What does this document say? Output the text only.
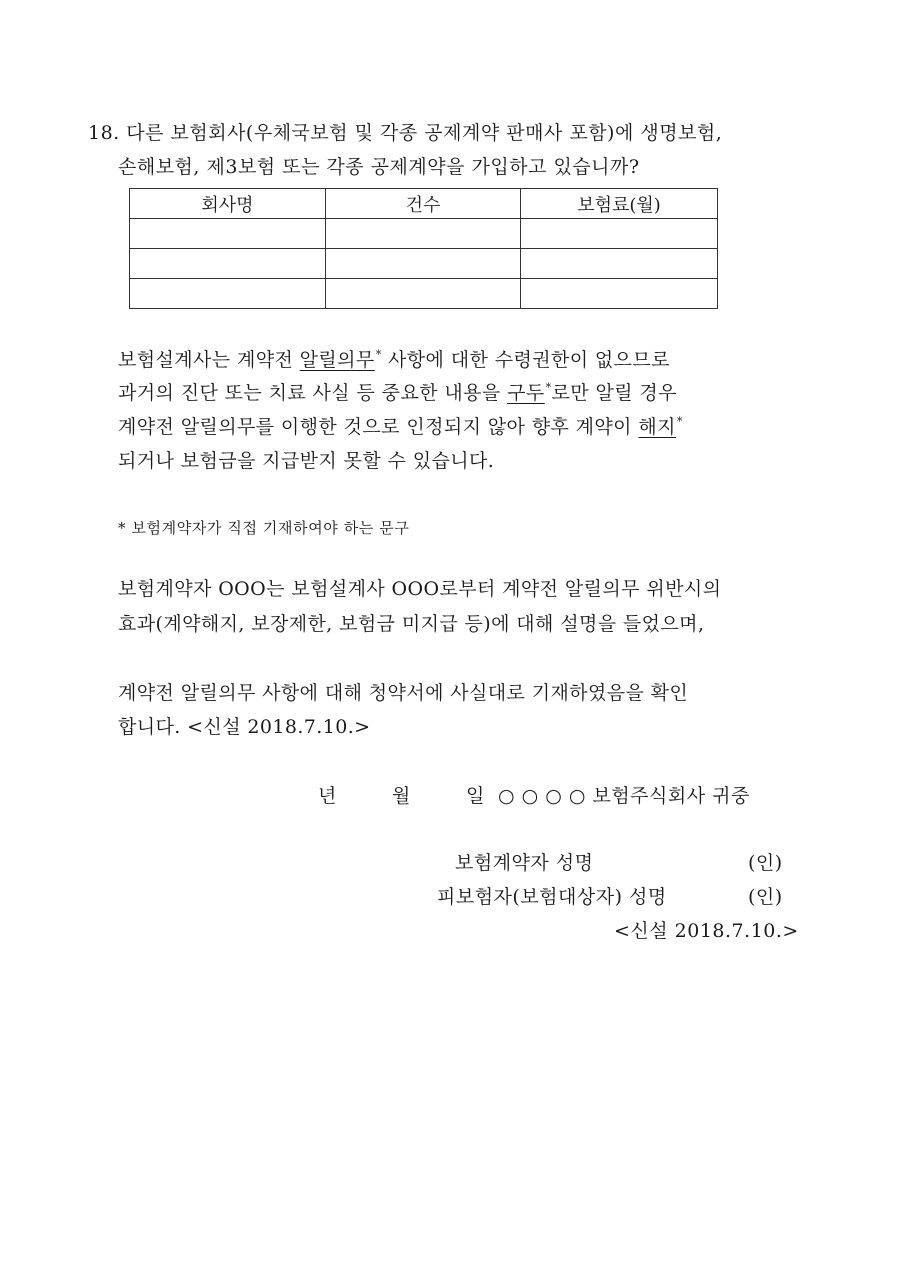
18. 다른 보험회사(우체국보험 및 각종 공제계약 판매사 포함)에 생명보험,
손해보험, 제3보험 또는 각종 공제계약을 가입하고 있습니까?
회사명	건수	보험료(월)

보험설계사는 계약전 알릴의무* 사항에 대한 수령권한이 없으므로
과거의 진단 또는 치료 사실 등 중요한 내용을 구두*로만 알릴 경우
계약전 알릴의무를 이행한 것으로 인정되지 않아 향후 계약이 해지*
되거나 보험금을 지급받지 못할 수 있습니다.
* 보험계약자가 직접 기재하여야 하는 문구
보험계약자 OOO는 보험설계사 OOO로부터 계약전 알릴의무 위반시의
효과(계약해지, 보장제한, 보험금 미지급 등)에 대해 설명을 들었으며,
계약전 알릴의무 사항에 대해 청약서에 사실대로 기재하였음을 확인
합니다. <신설 2018.7.10.>
년	월	일 ○ ○ ○ ○ 보험주식회사 귀중
보험계약자 성명	(인)
피보험자(보험대상자) 성명	(인)
<신설 2018.7.10.>
